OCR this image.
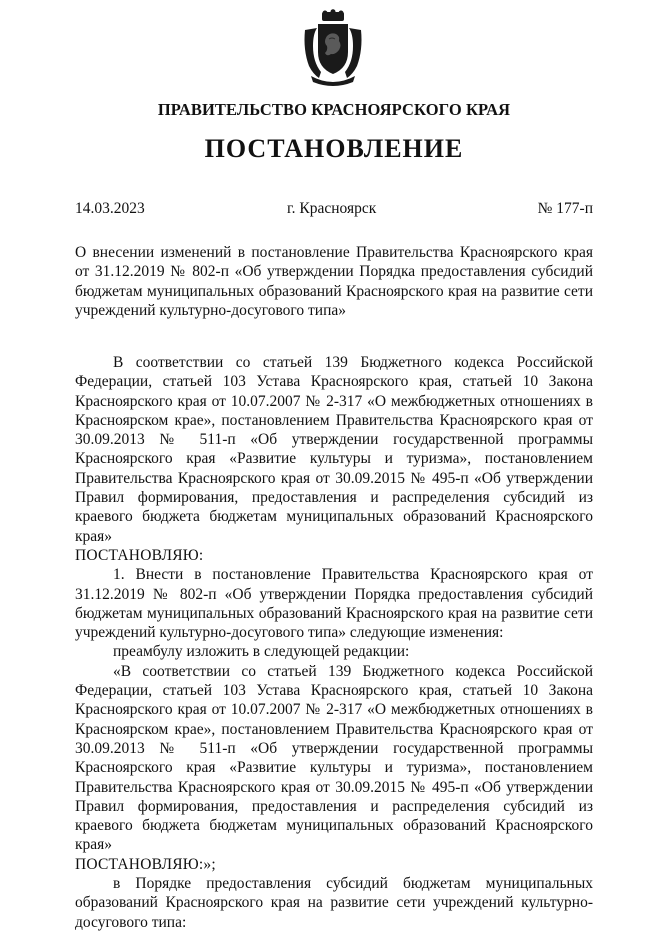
ПРАВИТЕЛЬСТВО КРАСНОЯРСКОГО КРАЯ
ПОСТАНОВЛЕНИЕ
14.03.2023	г. Красноярск	№ 177-п
О внесении изменений в постановление Правительства Красноярского края от 31.12.2019 № 802-п «Об утверждении Порядка предоставления субсидий бюджетам муниципальных образований Красноярского края на развитие сети учреждений культурно-досугового типа»

В соответствии со статьей 139 Бюджетного кодекса Российской Федерации, статьей 103 Устава Красноярского края, статьей 10 Закона Красноярского края от 10.07.2007 № 2-317 «О межбюджетных отношениях в Красноярском крае», постановлением Правительства Красноярского края от 30.09.2013 № 511-п «Об утверждении государственной программы Красноярского края «Развитие культуры и туризма», постановлением Правительства Красноярского края от 30.09.2015 № 495-п «Об утверждении Правил формирования, предоставления и распределения субсидий из краевого бюджета бюджетам муниципальных образований Красноярского края»

ПОСТАНОВЛЯЮ:

1. Внести в постановление Правительства Красноярского края от 31.12.2019 № 802-п «Об утверждении Порядка предоставления субсидий бюджетам муниципальных образований Красноярского края на развитие сети учреждений культурно-досугового типа» следующие изменения:

преамбулу изложить в следующей редакции:

«В соответствии со статьей 139 Бюджетного кодекса Российской Федерации, статьей 103 Устава Красноярского края, статьей 10 Закона Красноярского края от 10.07.2007 № 2-317 «О межбюджетных отношениях в Красноярском крае», постановлением Правительства Красноярского края от 30.09.2013 № 511-п «Об утверждении государственной программы Красноярского края «Развитие культуры и туризма», постановлением Правительства Красноярского края от 30.09.2015 № 495-п «Об утверждении Правил формирования, предоставления и распределения субсидий из краевого бюджета бюджетам муниципальных образований Красноярского края»

ПОСТАНОВЛЯЮ:»;

в Порядке предоставления субсидий бюджетам муниципальных образований Красноярского края на развитие сети учреждений культурно-досугового типа:
